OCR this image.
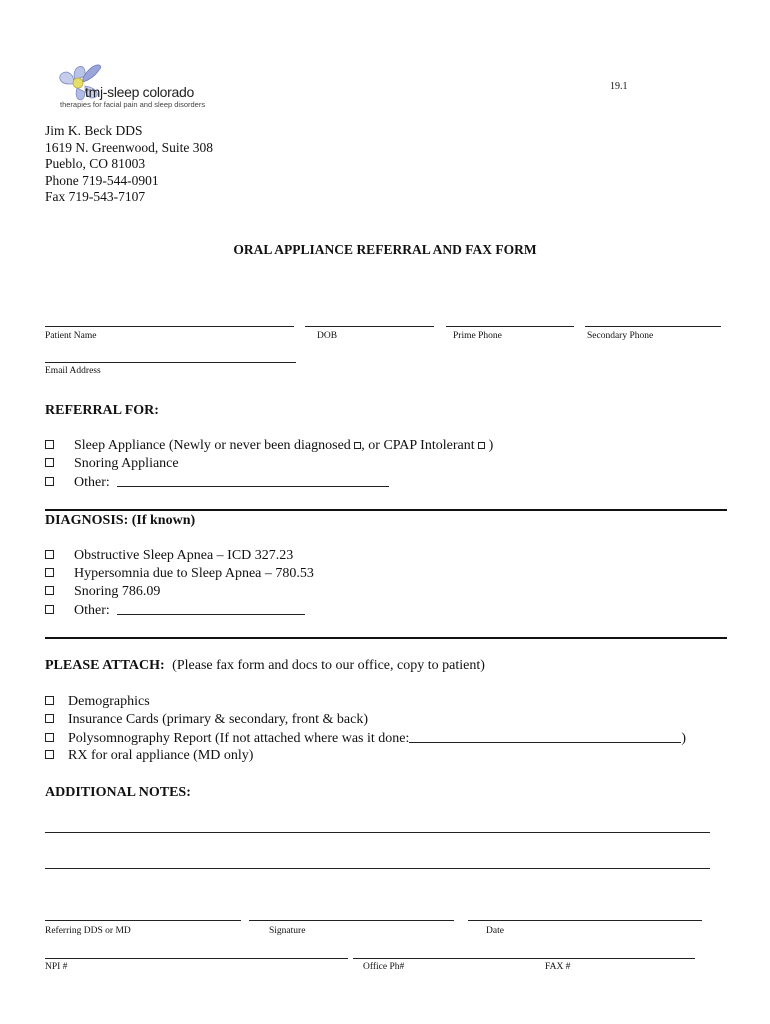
tmj-sleep colorado
therapies for facial pain and sleep disorders
19.1
Jim K. Beck DDS
1619 N. Greenwood, Suite 308
Pueblo, CO 81003
Phone 719-544-0901
Fax 719-543-7107
ORAL APPLIANCE REFERRAL AND FAX FORM
Patient Name	DOB	Prime Phone	Secondary Phone
Email Address
REFERRAL FOR:
Sleep Appliance (Newly or never been diagnosed , or CPAP Intolerant  )
Snoring Appliance
Other:
DIAGNOSIS: (If known)
Obstructive Sleep Apnea – ICD 327.23
Hypersomnia due to Sleep Apnea – 780.53
Snoring 786.09
Other:
PLEASE ATTACH: (Please fax form and docs to our office, copy to patient)
Demographics
Insurance Cards (primary & secondary, front & back)
Polysomnography Report (If not attached where was it done:	)
RX for oral appliance (MD only)
ADDITIONAL NOTES:
Referring DDS or MD	Signature	Date
NPI #	Office Ph#	FAX #
